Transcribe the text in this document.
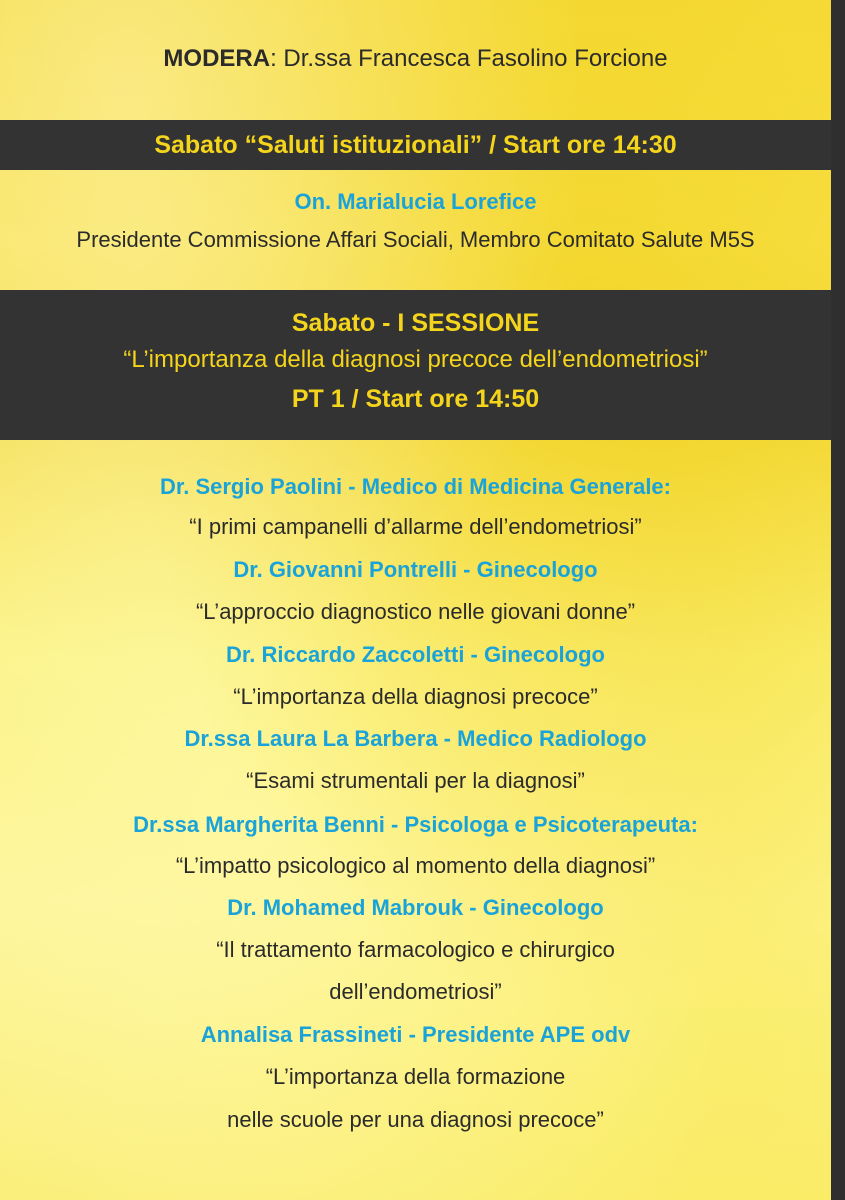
MODERA: Dr.ssa Francesca Fasolino Forcione
Sabato “Saluti istituzionali” / Start ore 14:30
On. Marialucia Lorefice
Presidente Commissione Affari Sociali, Membro Comitato Salute M5S
Sabato - I SESSIONE
“L’importanza della diagnosi precoce dell’endometriosi”
PT 1 / Start ore 14:50
Dr. Sergio Paolini - Medico di Medicina Generale:
“I primi campanelli d’allarme dell’endometriosi”
Dr. Giovanni Pontrelli - Ginecologo
“L’approccio diagnostico nelle giovani donne”
Dr. Riccardo Zaccoletti - Ginecologo
“L’importanza della diagnosi precoce”
Dr.ssa Laura La Barbera - Medico Radiologo
“Esami strumentali per la diagnosi”
Dr.ssa Margherita Benni - Psicologa e Psicoterapeuta:
“L’impatto psicologico al momento della diagnosi”
Dr. Mohamed Mabrouk - Ginecologo
“Il trattamento farmacologico e chirurgico
dell’endometriosi”
Annalisa Frassineti - Presidente APE odv
“L’importanza della formazione
nelle scuole per una diagnosi precoce”
